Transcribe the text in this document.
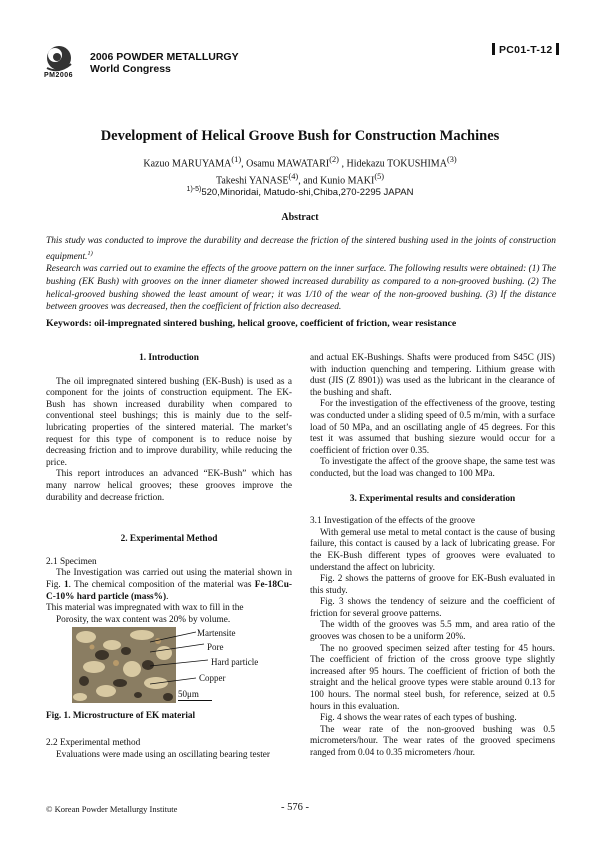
PM2006
2006 POWDER METALLURGY
World Congress
PC01-T-12
Development of Helical Groove Bush for Construction Machines
Kazuo MARUYAMA$^{(1)}$, Osamu MAWATARI$^{(2)}$ , Hidekazu TOKUSHIMA$^{(3)}$
Takeshi YANASE$^{(4)}$, and Kunio MAKI$^{(5)}$
$^{1)-5)}$520,Minoridai, Matudo-shi,Chiba,270-2295 JAPAN
Abstract

This study was conducted to improve the durability and decrease the friction of the sintered bushing used in the joints of construction equipment.$^{1)}$

Research was carried out to examine the effects of the groove pattern on the inner surface. The following results were obtained: (1) The bushing (EK Bush) with grooves on the inner diameter showed increased durability as compared to a non-grooved bushing. (2) The helical-grooved bushing showed the least amount of wear; it was 1/10 of the wear of the non-grooved bushing. (3) If the distance between grooves was decreased, then the coefficient of friction also decreased.

Keywords: oil-impregnated sintered bushing, helical groove, coefficient of friction, wear resistance

1. Introduction

The oil impregnated sintered bushing (EK-Bush) is used as a component for the joints of construction equipment. The EK-Bush has shown increased durability when compared to conventional steel bushings; this is mainly due to the self-lubricating properties of the sintered material. The market’s request for this type of component is to reduce noise by decreasing friction and to improve durability, while reducing the price.

This report introduces an advanced “EK-Bush” which has many narrow helical grooves; these grooves improve the durability and decrease friction.

2. Experimental Method

2.1 Specimen

The Investigation was carried out using the material shown in Fig. 1. The chemical composition of the material was Fe-18Cu-C-10% hard particle (mass%).

This material was impregnated with wax to fill in the

Porosity, the wax content was 20% by volume.

Martensite
Pore
Hard particle
Copper
50μm
Fig. 1. Microstructure of EK material

2.2 Experimental method

Evaluations were made using an oscillating bearing tester

and actual EK-Bushings. Shafts were produced from S45C (JIS) with induction quenching and tempering. Lithium grease with dust (JIS (Z 8901)) was used as the lubricant in the clearance of the bushing and shaft.

For the investigation of the effectiveness of the groove, testing was conducted under a sliding speed of 0.5 m/min, with a surface load of 50 MPa, and an oscillating angle of 45 degrees. For this test it was assumed that bushing siezure would occur for a coefficient of friction over 0.35.

To investigate the affect of the groove shape, the same test was conducted, but the load was changed to 100 MPa.

3. Experimental results and consideration

3.1 Investigation of the effects of the groove

With gemeral use metal to metal contact is the cause of busing failure, this contact is caused by a lack of lubricating grease. For the EK-Bush different types of grooves were evaluated to understand the affect on lubricity.

Fig. 2 shows the patterns of groove for EK-Bush evaluated in this study.

Fig. 3 shows the tendency of seizure and the coefficient of friction for several groove patterns.

The width of the grooves was 5.5 mm, and area ratio of the grooves was chosen to be a uniform 20%.

The no grooved specimen seized after testing for 45 hours. The coefficient of friction of the cross groove type slightly increased after 95 hours. The coefficient of friction of both the straight and the helical groove types were stable around 0.13 for 100 hours. The normal steel bush, for reference, seized at 0.5 hours in this evaluation.

Fig. 4 shows the wear rates of each types of bushing.

The wear rate of the non-grooved bushing was 0.5 micrometers/hour. The wear rates of the grooved specimens ranged from 0.04 to 0.35 micrometers /hour.

© Korean Powder Metallurgy Institute	- 576 -
